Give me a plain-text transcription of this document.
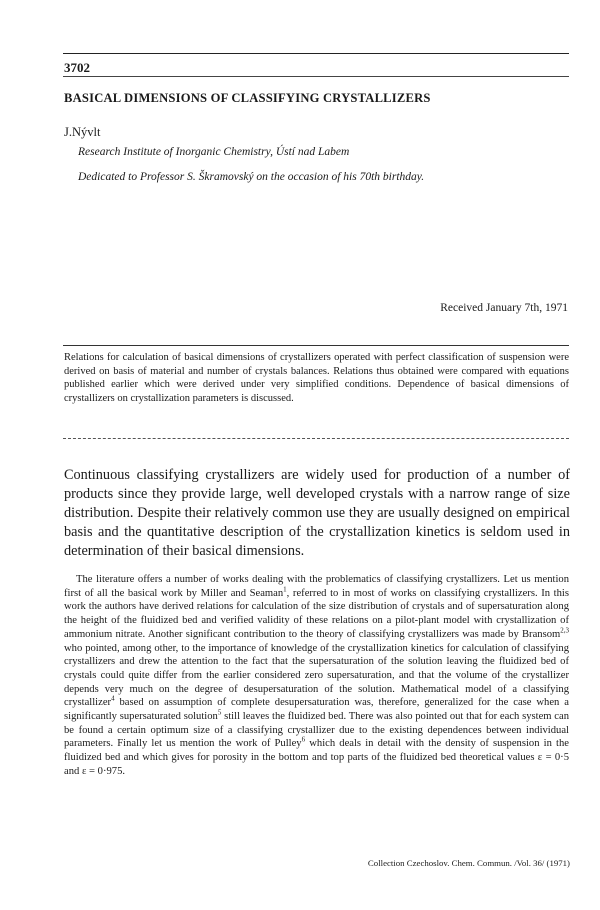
3702
BASICAL DIMENSIONS OF CLASSIFYING CRYSTALLIZERS
J.Nývlt
Research Institute of Inorganic Chemistry, Ústí nad Labem
Dedicated to Professor S. Škramovský on the occasion of his 70th birthday.
Received January 7th, 1971

Relations for calculation of basical dimensions of crystallizers operated with perfect classification of suspension were derived on basis of material and number of crystals balances. Relations thus obtained were compared with equations published earlier which were derived under very simplified conditions. Dependence of basical dimensions of crystallizers on crystallization parameters is discussed.

Continuous classifying crystallizers are widely used for production of a number of products since they provide large, well developed crystals with a narrow range of size distribution. Despite their relatively common use they are usually designed on empirical basis and the quantitative description of the crystallization kinetics is seldom used in determination of their basical dimensions.

The literature offers a number of works dealing with the problematics of classifying crystallizers. Let us mention first of all the basical work by Miller and Seaman$^1$, referred to in most of works on classifying crystallizers. In this work the authors have derived relations for calculation of the size distribution of crystals and of supersaturation along the height of the fluidized bed and verified validity of these relations on a pilot-plant model with crystallization of ammonium nitrate. Another significant contribution to the theory of classifying crystallizers was made by Bransom$^{2,3}$ who pointed, among other, to the importance of knowledge of the crystallization kinetics for calculation of classifying crystallizers and drew the attention to the fact that the supersaturation of the solution leaving the fluidized bed of crystals could quite differ from the earlier considered zero supersaturation, and that the volume of the crystallizer depends very much on the degree of desupersaturation of the solution. Mathematical model of a classifying crystallizer$^4$ based on assumption of complete desupersaturation was, therefore, generalized for the case when a significantly supersaturated solution$^5$ still leaves the fluidized bed. There was also pointed out that for each system can be found a certain optimum size of a classifying crystallizer due to the existing dependences between individual parameters. Finally let us mention the work of Pulley$^6$ which deals in detail with the density of suspension in the fluidized bed and which gives for porosity in the bottom and top parts of the fluidized bed theoretical values ε = 0·5 and ε = 0·975.

Collection Czechoslov. Chem. Commun. /Vol. 36/ (1971)
